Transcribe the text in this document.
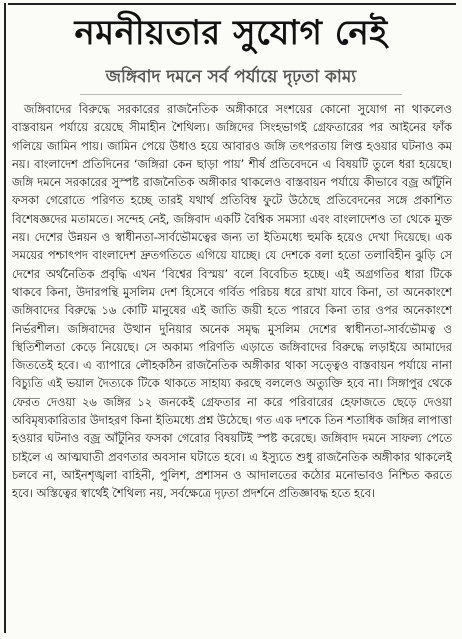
নমনীয়তার সুযোগ নেই
জঙ্গিবাদ দমনে সর্ব পর্যায়ে দৃঢ়তা কাম্য

জঙ্গিবাদের বিরুদ্ধে সরকারের রাজনৈতিক অঙ্গীকারে সংশয়ের কোনো সুযোগ না থাকলেও বাস্তবায়ন পর্যায়ে রয়েছে সীমাহীন শৈথিল্য। জঙ্গিদের সিংহভাগই গ্রেফতারের পর আইনের ফাঁক গলিয়ে জামিন পায়। জামিন পেয়ে উধাও হয়ে আবারও জঙ্গি তৎপরতায় লিপ্ত হওয়ার ঘটনাও কম নয়। বাংলাদেশ প্রতিদিনের ‘জঙ্গিরা কেন ছাড়া পায়’ শীর্ষ প্রতিবেদনে এ বিষয়টি তুলে ধরা হয়েছে। জঙ্গি দমনে সরকারের সুস্পষ্ট রাজনৈতিক অঙ্গীকার থাকলেও বাস্তবায়ন পর্যায়ে কীভাবে বজ্র আঁটুনি ফসকা গেরোতে পরিণত হচ্ছে তারই যথার্থ প্রতিবিম্ব ফুটে উঠেছে প্রতিবেদনের সঙ্গে প্রকাশিত বিশেষজ্ঞদের মতামতে। সন্দেহ নেই, জঙ্গিবাদ একটি বৈশ্বিক সমস্যা এবং বাংলাদেশও তা থেকে মুক্ত নয়। দেশের উন্নয়ন ও স্বাধীনতা-সার্বভৌমত্বের জন্য তা ইতিমধ্যে হুমকি হয়েও দেখা দিয়েছে। এক সময়ের পশ্চাৎপদ বাংলাদেশ দ্রুতগতিতে এগিয়ে যাচ্ছে। যে দেশকে বলা হতো তলাবিহীন ঝুড়ি সে দেশের অর্থনৈতিক প্রবৃদ্ধি এখন ‘বিশ্বের বিস্ময়’ বলে বিবেচিত হচ্ছে। এই অগ্রগতির ধারা টিকে থাকবে কিনা, উদারপন্থি মুসলিম দেশ হিসেবে গর্বিত পরিচয় ধরে রাখা যাবে কিনা, তা অনেকাংশে জঙ্গিবাদের বিরুদ্ধে ১৬ কোটি মানুষের এই জাতি জয়ী হতে পারবে কিনা তার ওপর অনেকাংশে নির্ভরশীল। জঙ্গিবাদের উত্থান দুনিয়ার অনেক সমৃদ্ধ মুসলিম দেশের স্বাধীনতা-সার্বভৌমত্ব ও স্থিতিশীলতা কেড়ে নিয়েছে। সে অকাম্য পরিণতি এড়াতে জঙ্গিবাদের বিরুদ্ধে লড়াইয়ে আমাদের জিততেই হবে। এ ব্যাপারে লৌহকঠিন রাজনৈতিক অঙ্গীকার থাকা সত্ত্বেও বাস্তবায়ন পর্যায়ে নানা বিচ্যুতি এই ভয়াল দৈত্যকে টিকে থাকতে সাহায্য করছে বললেও অত্যুক্তি হবে না। সিঙ্গাপুর থেকে ফেরত দেওয়া ২৬ জঙ্গির ১২ জনকেই গ্রেফতার না করে পরিবারের হেফাজতে ছেড়ে দেওয়া অবিমৃষ্যকারিতার উদাহরণ কিনা ইতিমধ্যে প্রশ্ন উঠেছে। গত এক দশকে তিন শতাধিক জঙ্গির লাপাত্তা হওয়ার ঘটনাও বজ্র আঁটুনির ফসকা গেরোর বিষয়টিই স্পষ্ট করেছে। জঙ্গিবাদ দমনে সাফল্য পেতে চাইলে এ আত্মঘাতী প্রবণতার অবসান ঘটাতে হবে। এ ইস্যুতে শুধু রাজনৈতিক অঙ্গীকার থাকলেই চলবে না, আইনশৃঙ্খলা বাহিনী, পুলিশ, প্রশাসন ও আদালতের কঠোর মনোভাবও নিশ্চিত করতে হবে। অস্তিত্বের স্বার্থেই শৈথিল্য নয়, সর্বক্ষেত্রে দৃঢ়তা প্রদর্শনে প্রতিজ্ঞাবদ্ধ হতে হবে।
